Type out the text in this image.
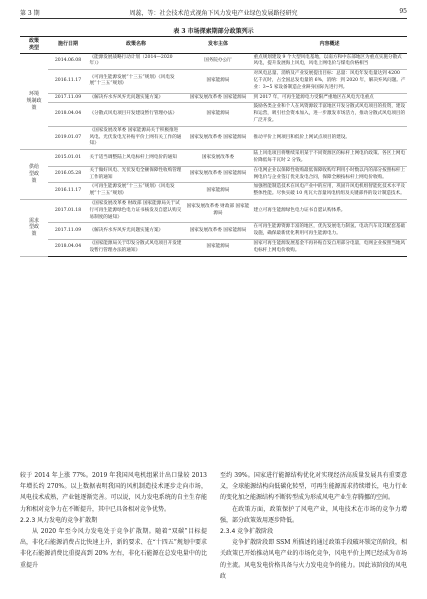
第 3 期	周蕊，等：社会技术范式视角下风力发电产业绿色发展路径研究	95
表 3 市场探索期部分政策列示
政策
类型	施行日期	政策名称	发布主体	内容概述
环境
规制政
策	2014.06.08	《能源发展战略行动计划（2014—2020 年）》	国务院办公厅	重点规划建设 9 个大型风电基地，以南方和中东部地区为重点实施分散式风电，提升发展海上风电，风电上网电价与煤电价格相当
	2016.11.17	《可再生能源发展“十三五”规划》《风电发展“十三五”规划》	国家能源局	对风电总量、消纳及产业发展提出目标：总量：风电年发电量达到 4200 亿千瓦时，占全国总发电量的 6%，消纳：到 2020 年，解决弃风问题。产业：3~5 家设备制造企业跻身国际先进行列。
	2017.11.09	《解决弃水弃风弃光问题实施方案》	国家发展改革委 国家能源局	到 2017 年，可再生能源电力受限严重地区在风电光电重点
	2018.04.04	《分散式风电项目开发建设暂行管理办法》	国家能源局	鼓励各类企业和个人在风资源较丰富地区开发分散式风电项目的投资，建设和运营，吸引社会资本加入，进一步激发市场活力，推动分散式风电项目的广泛开发。
	2019.01.07	《国家发展改革委 国家能源局关于积极推进风电、光伏发电无补贴平价上网有关工作的通知》	国家发展改革委 国家能源局	推动平价上网项目和低价上网试点项目的建设。
供给
型政
策	2015.01.01	关于适当调整陆上风电标杆上网电价的通知	国家发展改革委	陆上风电项目将继续采用某于不同资源区的标杆上网电价政策。各区上网电价降低每千瓦时 2 分钱。
	2016.05.28	关于做好风电、光伏发电全额保障性收购管理工作的通知	国家发展改革委 国家能源局	在电网企业以保障性收购最低保障收购年利用小时数以内的部分按照标杆上网电价与企业签订优先发电合同，保障全额按标杆上网电价收购。
	2016.11.17	《可再生能源发展“十三五”规划》《风电发展“十三五”规划》	国家能源局	加强智能制造技术在风电产业中的应用，巩固升风电机组智能化技术水平及整体性能。尽快实破 10 兆瓦大容量风电机组及关键部件的设计制造技术。
需求
型政
策	2017.01.18	《国家发展改革委 财政部 国家能源局关于试行可再生能源绿色电力证书核发及自愿认购交易制度的通知》	国家发展改革委 财政部 国家能源局	建立可再生能源绿色电力证书自愿认购体系。
	2017.11.09	《解决弃水弃风弃光问题实施方案》	国家发展改革委 国家能源局	在可再生能源资源丰富的地区，优先发展电力制氢、电动汽车及其配套基础设施，确保最新优化利用可再生能源电力。
	2018.04.04	《国家能源局关于印发分散式风电项目开发建设暂行管理办法的通知》	国家能源局	国家可再生能源发展基金不再补贴自发自用部分电量，电网企业按照当地风电标杆上网电价收购。

较于 2014 年上涨 77%。2019 年我国风电机组累计出口量较 2013 年增长约 270%。以上数据表明我国的风机制造技术逐步走向市场，风电技术成熟，产业链逐渐完善。可以说，风力发电系统的自主生存能力和相对竞争力在不断提升，其中已具备相对竞争优势。

2.2.3 风力发电的竞争扩散期

从 2020 年至今风力发电处于竞争扩散期。随着“双碳”目标提出，非化石能源消费占比快速上升，新的要求、在“十四五”规划中要求非化石能源消费比重提高到 20% 左右，非化石能源在总发电量中的比重提升

至约 39%。国家进行能源结构优化对实现经济高质量发展具有重要意义，全球能源结构向低碳化转型，可再生能源需求持续增长，电力行业的变化加之能源结构不断转型成为形成风电产业生存腾挪的空间。

在政策方面，政策保护了风电产业，风电技术在市场的竞争力增强，部分政策效用逐步降低。

2.3.4 竞争扩散阶段

竞争扩散阶段即 SSM 所描述的通过政策手段破坏锁定的阶段，相关政策已开始推动风电产业的市场化竞争，风电平价上网已经成为市场的主流。风电发电价格具备与火力发电竞争的能力。因此该阶段的风电政
